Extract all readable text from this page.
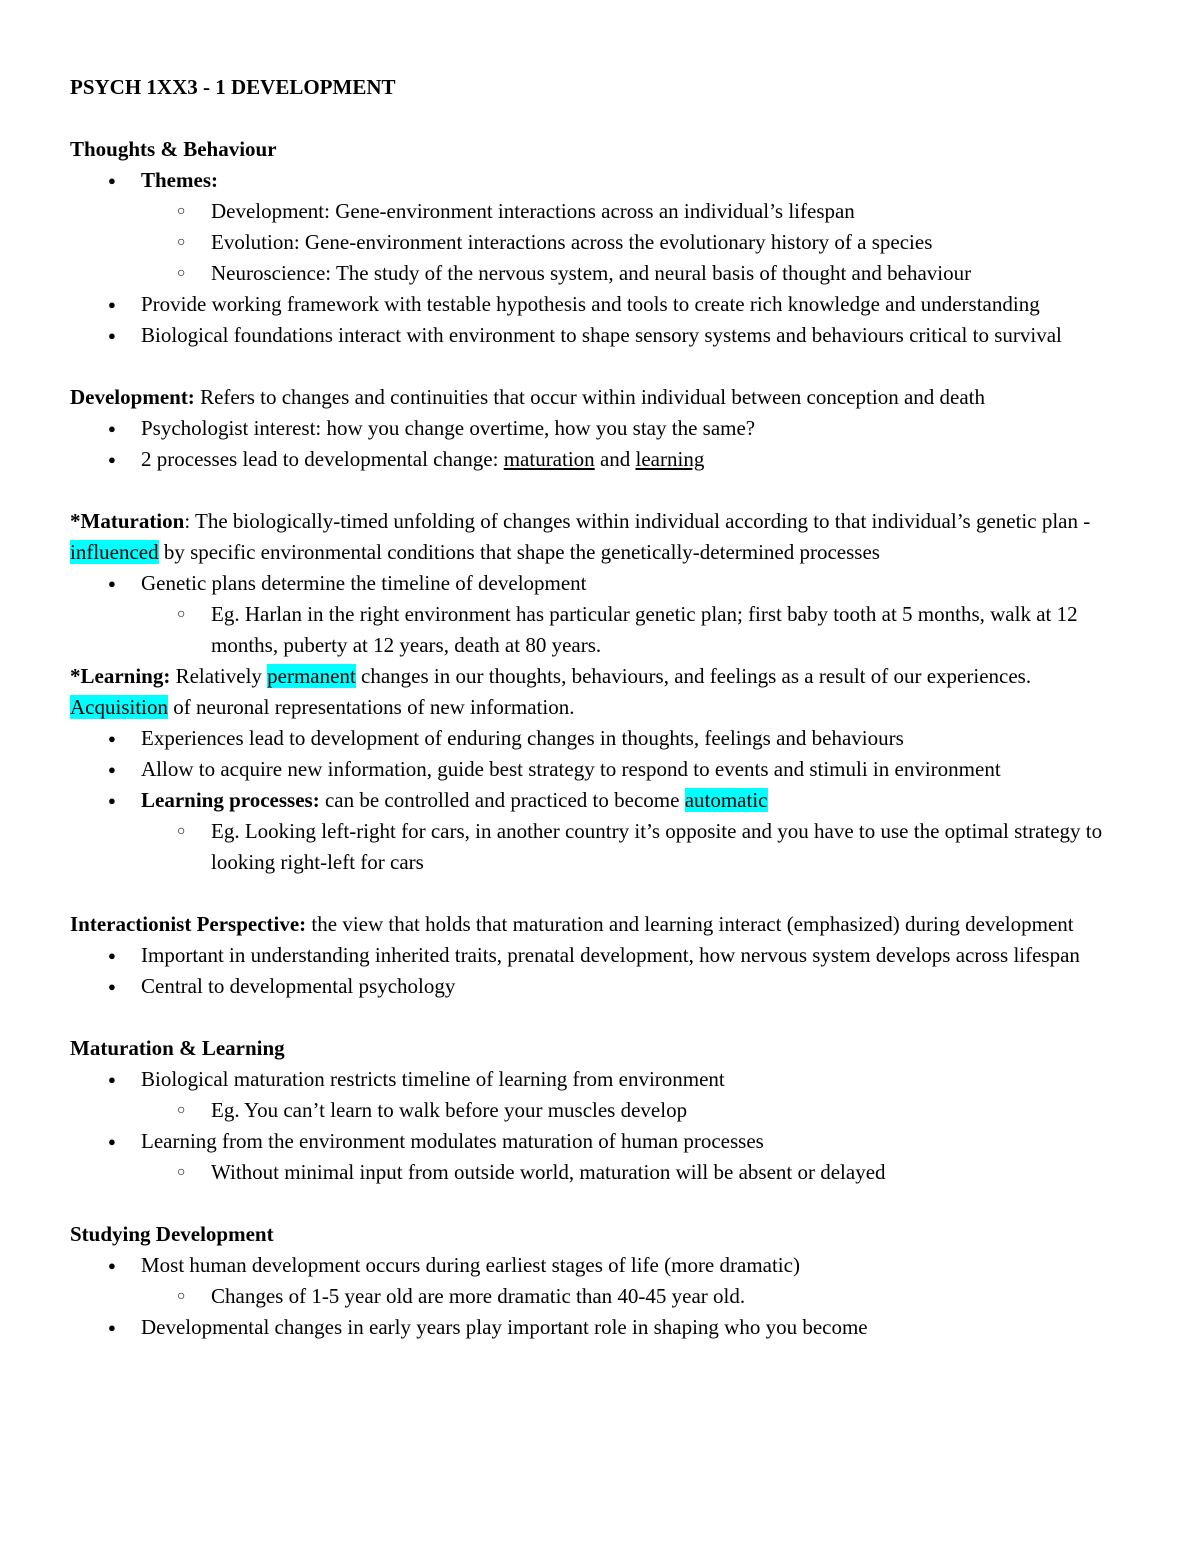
PSYCH 1XX3 - 1 DEVELOPMENT

Thoughts & Behaviour

● Themes:
○ Development: Gene-environment interactions across an individual’s lifespan
○ Evolution: Gene-environment interactions across the evolutionary history of a species
○ Neuroscience: The study of the nervous system, and neural basis of thought and behaviour
● Provide working framework with testable hypothesis and tools to create rich knowledge and understanding
● Biological foundations interact with environment to shape sensory systems and behaviours critical to survival

Development: Refers to changes and continuities that occur within individual between conception and death

● Psychologist interest: how you change overtime, how you stay the same?
● 2 processes lead to developmental change: maturation and learning

*Maturation: The biologically-timed unfolding of changes within individual according to that individual’s genetic plan - influenced by specific environmental conditions that shape the genetically-determined processes

● Genetic plans determine the timeline of development
○ Eg. Harlan in the right environment has particular genetic plan; first baby tooth at 5 months, walk at 12 months, puberty at 12 years, death at 80 years.

*Learning: Relatively permanent changes in our thoughts, behaviours, and feelings as a result of our experiences. Acquisition of neuronal representations of new information.

● Experiences lead to development of enduring changes in thoughts, feelings and behaviours
● Allow to acquire new information, guide best strategy to respond to events and stimuli in environment
● Learning processes: can be controlled and practiced to become automatic
○ Eg. Looking left-right for cars, in another country it’s opposite and you have to use the optimal strategy to looking right-left for cars

Interactionist Perspective: the view that holds that maturation and learning interact (emphasized) during development

● Important in understanding inherited traits, prenatal development, how nervous system develops across lifespan
● Central to developmental psychology

Maturation & Learning

● Biological maturation restricts timeline of learning from environment
○ Eg. You can’t learn to walk before your muscles develop
● Learning from the environment modulates maturation of human processes
○ Without minimal input from outside world, maturation will be absent or delayed

Studying Development

● Most human development occurs during earliest stages of life (more dramatic)
○ Changes of 1-5 year old are more dramatic than 40-45 year old.
● Developmental changes in early years play important role in shaping who you become
